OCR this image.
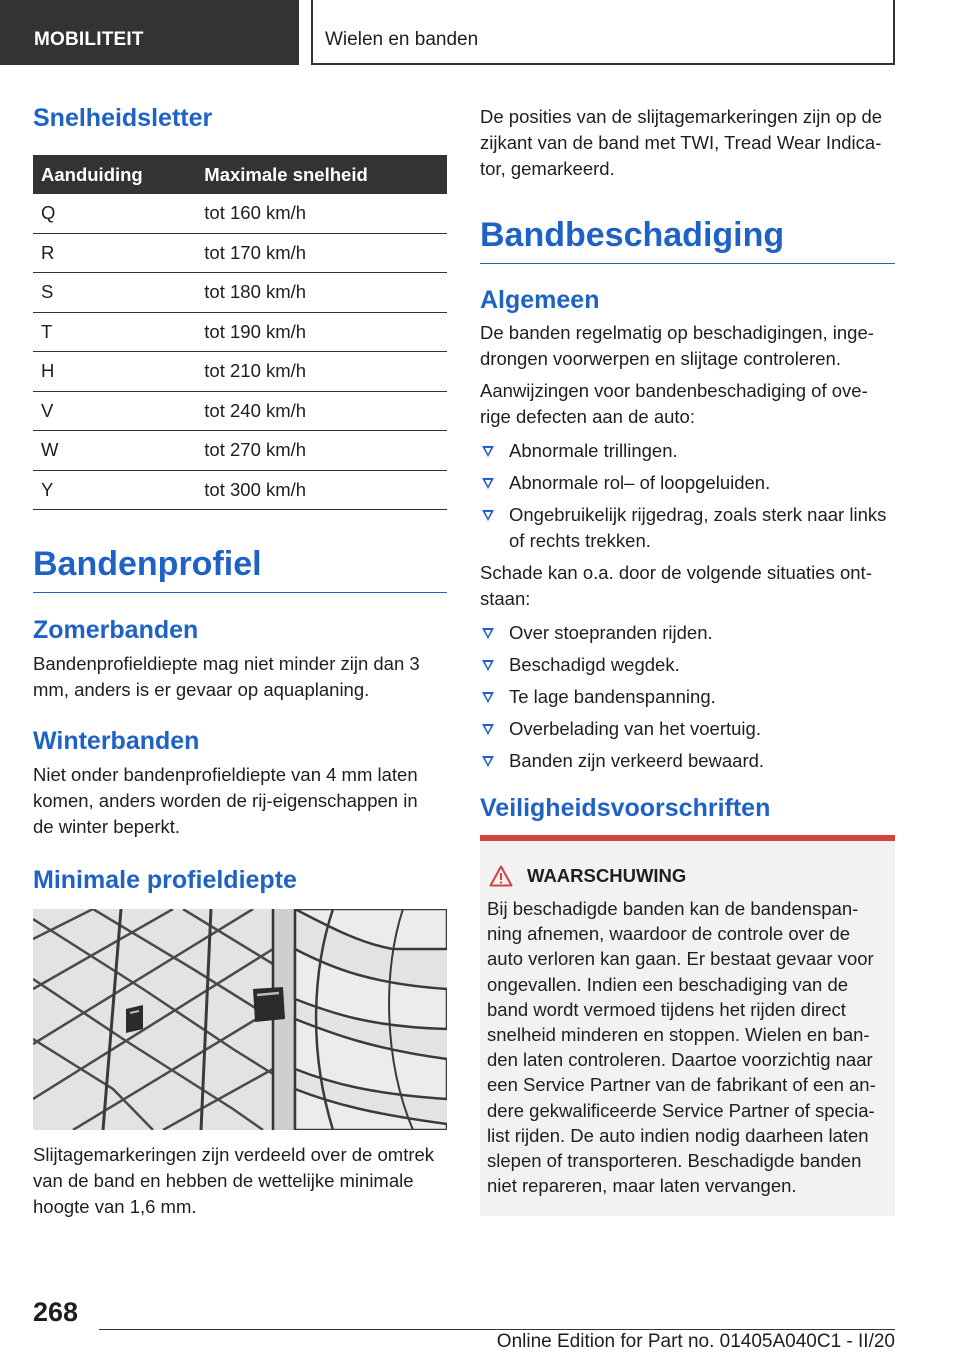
MOBILITEIT	Wielen en banden
Snelheidsletter
Aanduiding	Maximale snelheid
Q	tot 160 km/h
R	tot 170 km/h
S	tot 180 km/h
T	tot 190 km/h
H	tot 210 km/h
V	tot 240 km/h
W	tot 270 km/h
Y	tot 300 km/h
Bandenprofiel
Zomerbanden

Bandenprofieldiepte mag niet minder zijn dan 3 mm, anders is er gevaar op aquaplaning.

Winterbanden

Niet onder bandenprofieldiepte van 4 mm laten komen, anders worden de rij-eigenschappen in de winter beperkt.

Minimale profieldiepte

Slijtagemarkeringen zijn verdeeld over de omtrek van de band en hebben de wettelijke minimale hoogte van 1,6 mm.

De posities van de slijtagemarkeringen zijn op de zijkant van de band met TWI, Tread Wear Indica-tor, gemarkeerd.

Bandbeschadiging
Algemeen

De banden regelmatig op beschadigingen, inge-drongen voorwerpen en slijtage controleren.

Aanwijzingen voor bandenbeschadiging of ove-rige defecten aan de auto:

Abnormale trillingen.
Abnormale rol– of loopgeluiden.
Ongebruikelijk rijgedrag, zoals sterk naar links of rechts trekken.

Schade kan o.a. door de volgende situaties ont-staan:

Over stoepranden rijden.
Beschadigd wegdek.
Te lage bandenspanning.
Overbelading van het voertuig.
Banden zijn verkeerd bewaard.
Veiligheidsvoorschriften
WAARSCHUWING

Bij beschadigde banden kan de bandenspan-
ning afnemen, waardoor de controle over de
auto verloren kan gaan. Er bestaat gevaar voor
ongevallen. Indien een beschadiging van de
band wordt vermoed tijdens het rijden direct
snelheid minderen en stoppen. Wielen en ban-
den laten controleren. Daartoe voorzichtig naar
een Service Partner van de fabrikant of een an-
dere gekwalificeerde Service Partner of specia-
list rijden. De auto indien nodig daarheen laten
slepen of transporteren. Beschadigde banden
niet repareren, maar laten vervangen.

268
Online Edition for Part no. 01405A040C1 - II/20
